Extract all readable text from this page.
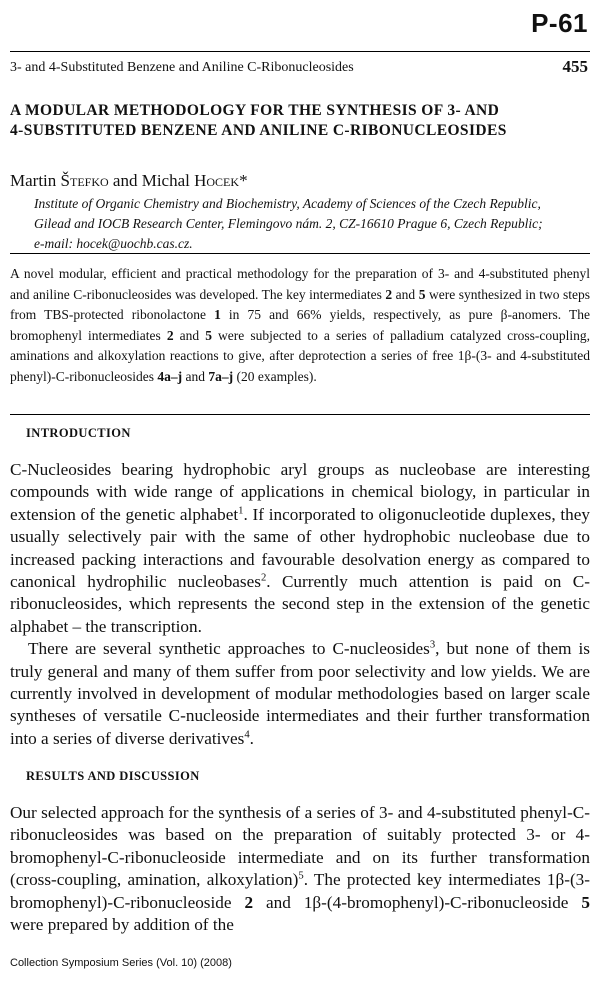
P-61
3- and 4-Substituted Benzene and Aniline C-Ribonucleosides	455
A MODULAR METHODOLOGY FOR THE SYNTHESIS OF 3- AND
4-SUBSTITUTED BENZENE AND ANILINE C-RIBONUCLEOSIDES
Martin Štefko and Michal Hocek*
Institute of Organic Chemistry and Biochemistry, Academy of Sciences of the Czech Republic,
Gilead and IOCB Research Center, Flemingovo nám. 2, CZ-16610 Prague 6, Czech Republic;
e-mail: hocek@uochb.cas.cz.
A novel modular, efficient and practical methodology for the preparation of 3- and 4-substituted phenyl and aniline C-ribonucleosides was developed. The key intermediates 2 and 5 were synthesized in two steps from TBS-protected ribonolactone 1 in 75 and 66% yields, respectively, as pure β-anomers. The bromophenyl intermediates 2 and 5 were subjected to a series of palladium catalyzed cross-coupling, aminations and alkoxylation reactions to give, after deprotection a series of free 1β-(3- and 4-substituted phenyl)-C-ribonucleosides 4a–j and 7a–j (20 examples).
INTRODUCTION

C-Nucleosides bearing hydrophobic aryl groups as nucleobase are interesting compounds with wide range of applications in chemical biology, in particular in extension of the genetic alphabet$^1$. If incorporated to oligonucleotide duplexes, they usually selectively pair with the same of other hydrophobic nucleobase due to increased packing interactions and favourable desolvation energy as compared to canonical hydrophilic nucleobases$^2$. Currently much attention is paid on C-ribonucleosides, which represents the second step in the extension of the genetic alphabet – the transcription.

There are several synthetic approaches to C-nucleosides$^3$, but none of them is truly general and many of them suffer from poor selectivity and low yields. We are currently involved in development of modular methodologies based on larger scale syntheses of versatile C-nucleoside intermediates and their further transformation into a series of diverse derivatives$^4$.

RESULTS AND DISCUSSION

Our selected approach for the synthesis of a series of 3- and 4-substituted phenyl-C-ribonucleosides was based on the preparation of suitably protected 3- or 4-bromophenyl-C-ribonucleoside intermediate and on its further transformation (cross-coupling, amination, alkoxylation)$^5$. The protected key intermediates 1β-(3-bromophenyl)-C-ribonucleoside 2 and 1β-(4-bromophenyl)-C-ribonucleoside 5 were prepared by addition of the

Collection Symposium Series (Vol. 10) (2008)
